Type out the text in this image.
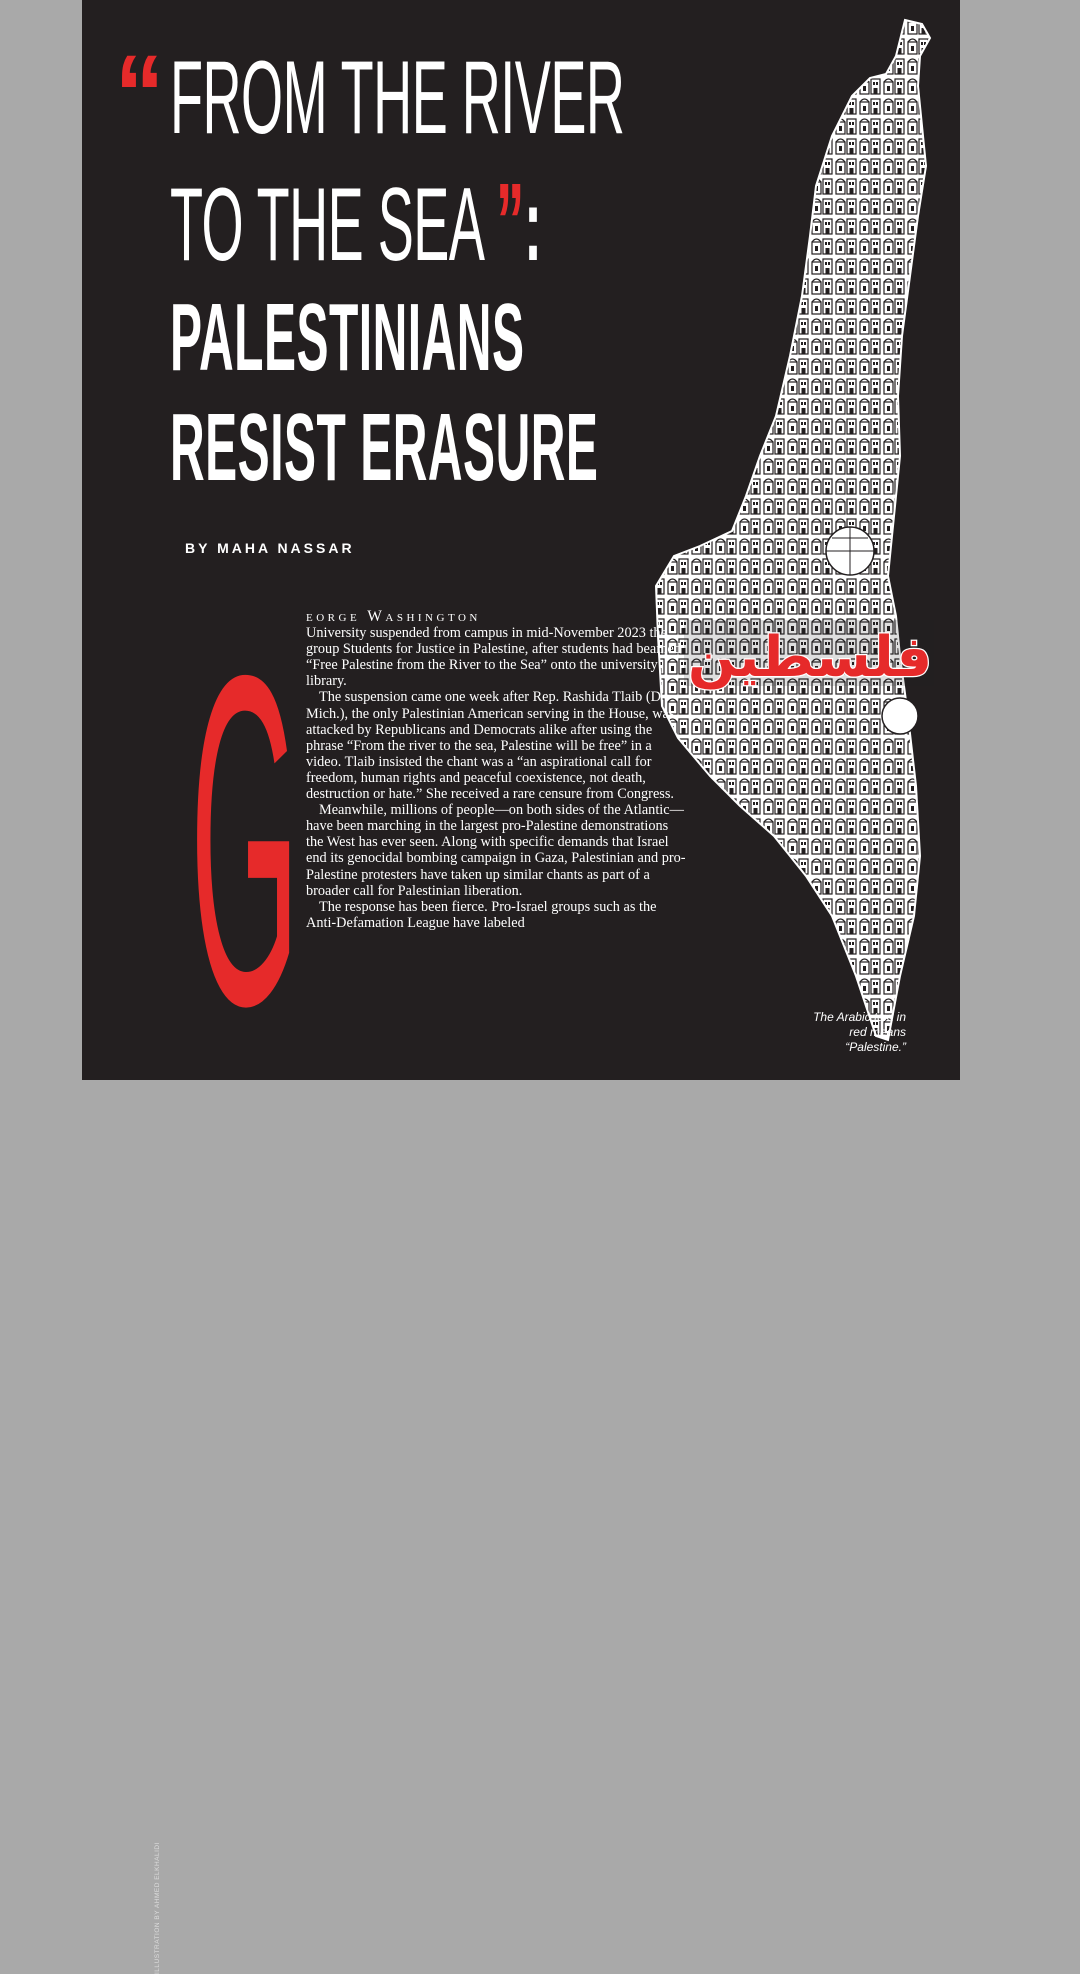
“ FROM THE RIVER
TO THE SEA ”:
PALESTINIANS
RESIST ERASURE

BY MAHA NASSAR

فلسطين
G eorge Washington
University suspended from campus in mid-November 2023 the group Students for Justice in Palestine, after students had beamed “Free Palestine from the River to the Sea” onto the university library.

The suspension came one week after Rep. Rashida Tlaib (D-Mich.), the only Palestinian American serving in the House, was attacked by Republicans and Democrats alike after using the phrase “From the river to the sea, Palestine will be free” in a video. Tlaib insisted the chant was a “an aspirational call for freedom, human rights and peaceful coexistence, not death, destruction or hate.” She received a rare censure from Congress.

Meanwhile, millions of people—on both sides of the Atlantic—have been marching in the largest pro-Palestine demonstrations the West has ever seen. Along with specific demands that Israel end its genocidal bombing campaign in Gaza, Palestinian and pro-Palestine protesters have taken up similar chants as part of a broader call for Palestinian liberation.

The response has been fierce. Pro-Israel groups such as the Anti-Defamation League have labeled

The Arabic text in red means “Palestine.”

ILLUSTRATION BY AHMED ELKHALIDI
